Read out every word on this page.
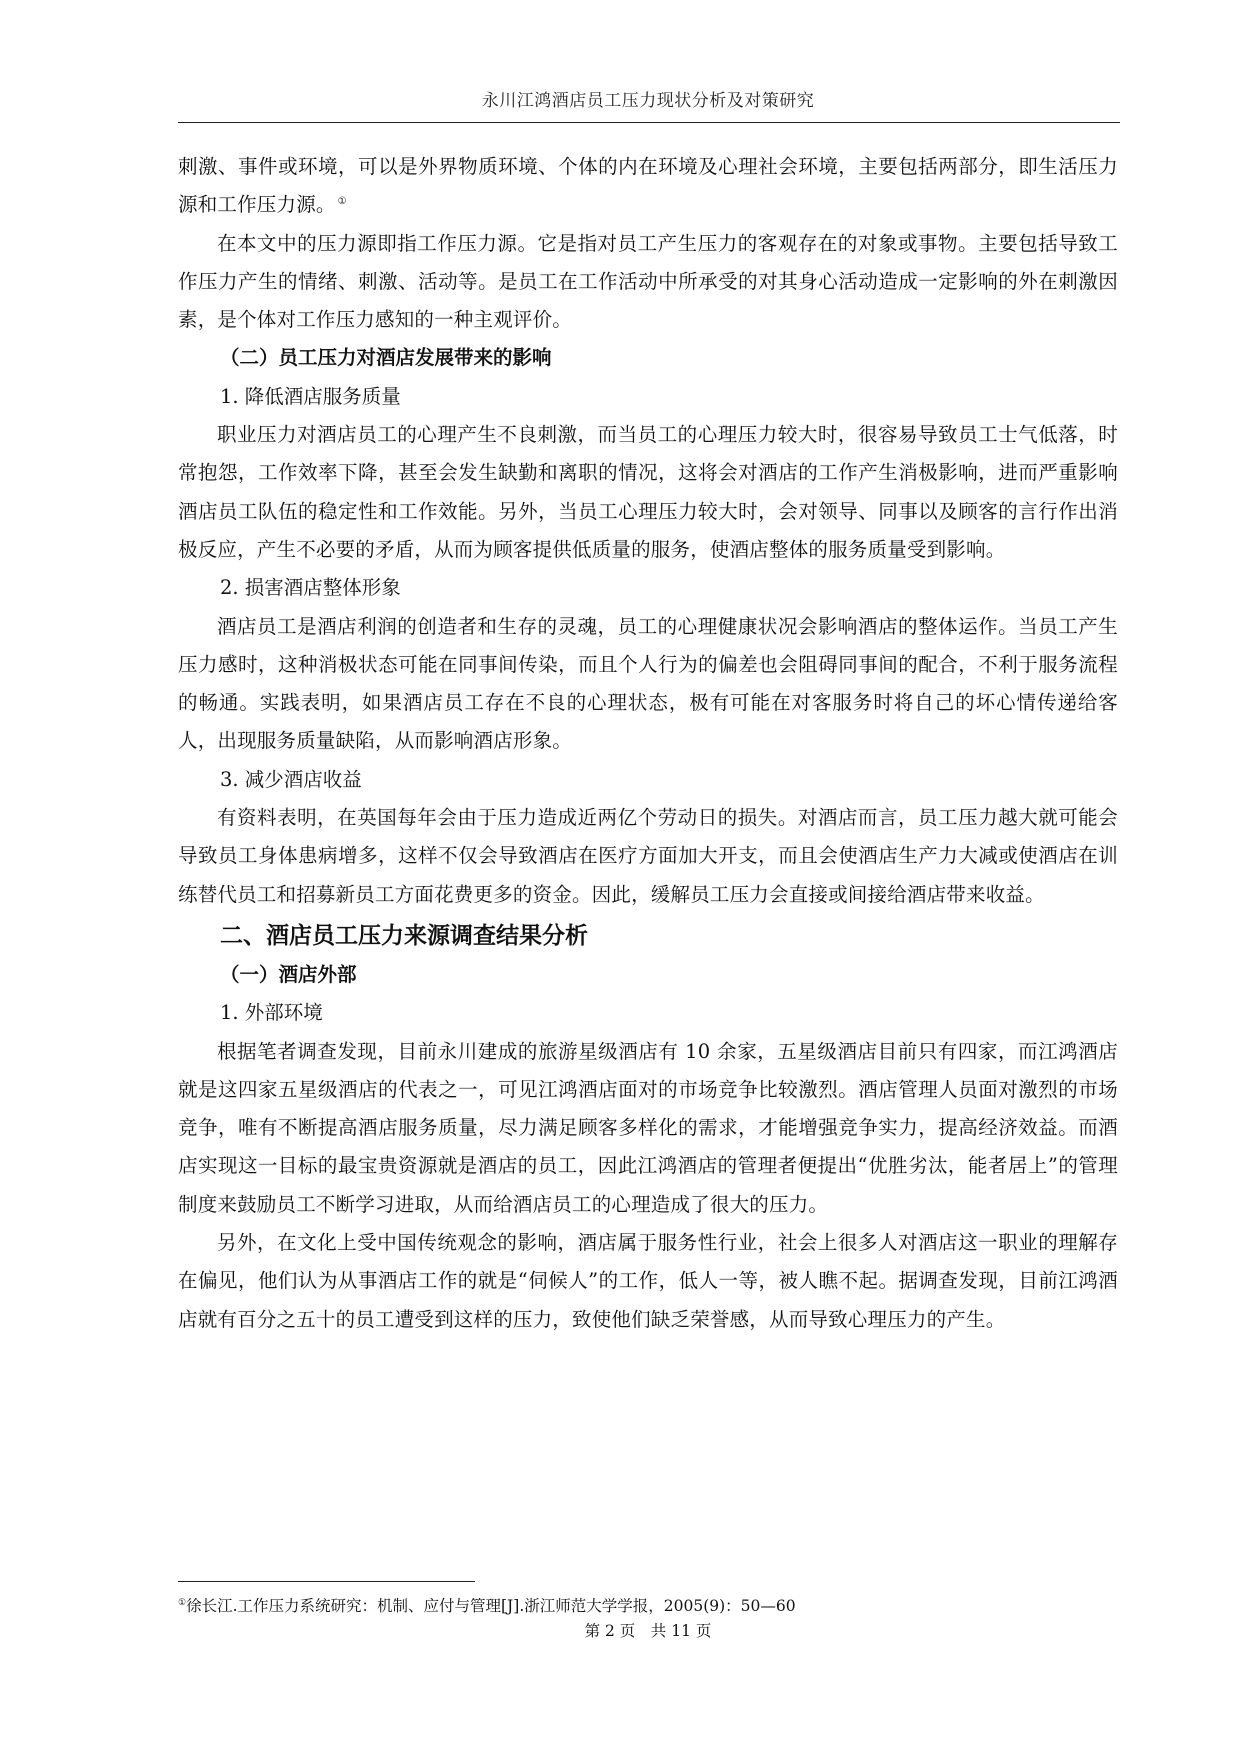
永川江鸿酒店员工压力现状分析及对策研究

刺激、事件或环境，可以是外界物质环境、个体的内在环境及心理社会环境，主要包括两部分，即生活压力源和工作压力源。 ①

在本文中的压力源即指工作压力源。它是指对员工产生压力的客观存在的对象或事物。主要包括导致工作压力产生的情绪、刺激、活动等。是员工在工作活动中所承受的对其身心活动造成一定影响的外在刺激因素，是个体对工作压力感知的一种主观评价。

（二）员工压力对酒店发展带来的影响

1. 降低酒店服务质量

职业压力对酒店员工的心理产生不良刺激，而当员工的心理压力较大时，很容易导致员工士气低落，时常抱怨，工作效率下降，甚至会发生缺勤和离职的情况，这将会对酒店的工作产生消极影响，进而严重影响酒店员工队伍的稳定性和工作效能。另外，当员工心理压力较大时，会对领导、同事以及顾客的言行作出消极反应，产生不必要的矛盾，从而为顾客提供低质量的服务，使酒店整体的服务质量受到影响。

2. 损害酒店整体形象

酒店员工是酒店利润的创造者和生存的灵魂，员工的心理健康状况会影响酒店的整体运作。当员工产生压力感时，这种消极状态可能在同事间传染，而且个人行为的偏差也会阻碍同事间的配合，不利于服务流程的畅通。实践表明，如果酒店员工存在不良的心理状态，极有可能在对客服务时将自己的坏心情传递给客人，出现服务质量缺陷，从而影响酒店形象。

3. 减少酒店收益

有资料表明，在英国每年会由于压力造成近两亿个劳动日的损失。对酒店而言，员工压力越大就可能会导致员工身体患病增多，这样不仅会导致酒店在医疗方面加大开支，而且会使酒店生产力大减或使酒店在训练替代员工和招募新员工方面花费更多的资金。因此，缓解员工压力会直接或间接给酒店带来收益。

二、酒店员工压力来源调查结果分析

（一）酒店外部

1. 外部环境

根据笔者调查发现，目前永川建成的旅游星级酒店有 10 余家，五星级酒店目前只有四家，而江鸿酒店就是这四家五星级酒店的代表之一，可见江鸿酒店面对的市场竞争比较激烈。酒店管理人员面对激烈的市场竞争，唯有不断提高酒店服务质量，尽力满足顾客多样化的需求，才能增强竞争实力，提高经济效益。而酒店实现这一目标的最宝贵资源就是酒店的员工，因此江鸿酒店的管理者便提出“优胜劣汰，能者居上”的管理制度来鼓励员工不断学习进取，从而给酒店员工的心理造成了很大的压力。

另外，在文化上受中国传统观念的影响，酒店属于服务性行业，社会上很多人对酒店这一职业的理解存在偏见，他们认为从事酒店工作的就是“伺候人”的工作，低人一等，被人瞧不起。据调查发现，目前江鸿酒店就有百分之五十的员工遭受到这样的压力，致使他们缺乏荣誉感，从而导致心理压力的产生。

①徐长江.工作压力系统研究：机制、应付与管理[J].浙江师范大学学报，2005(9)：50—60
第 2 页　共 11 页
